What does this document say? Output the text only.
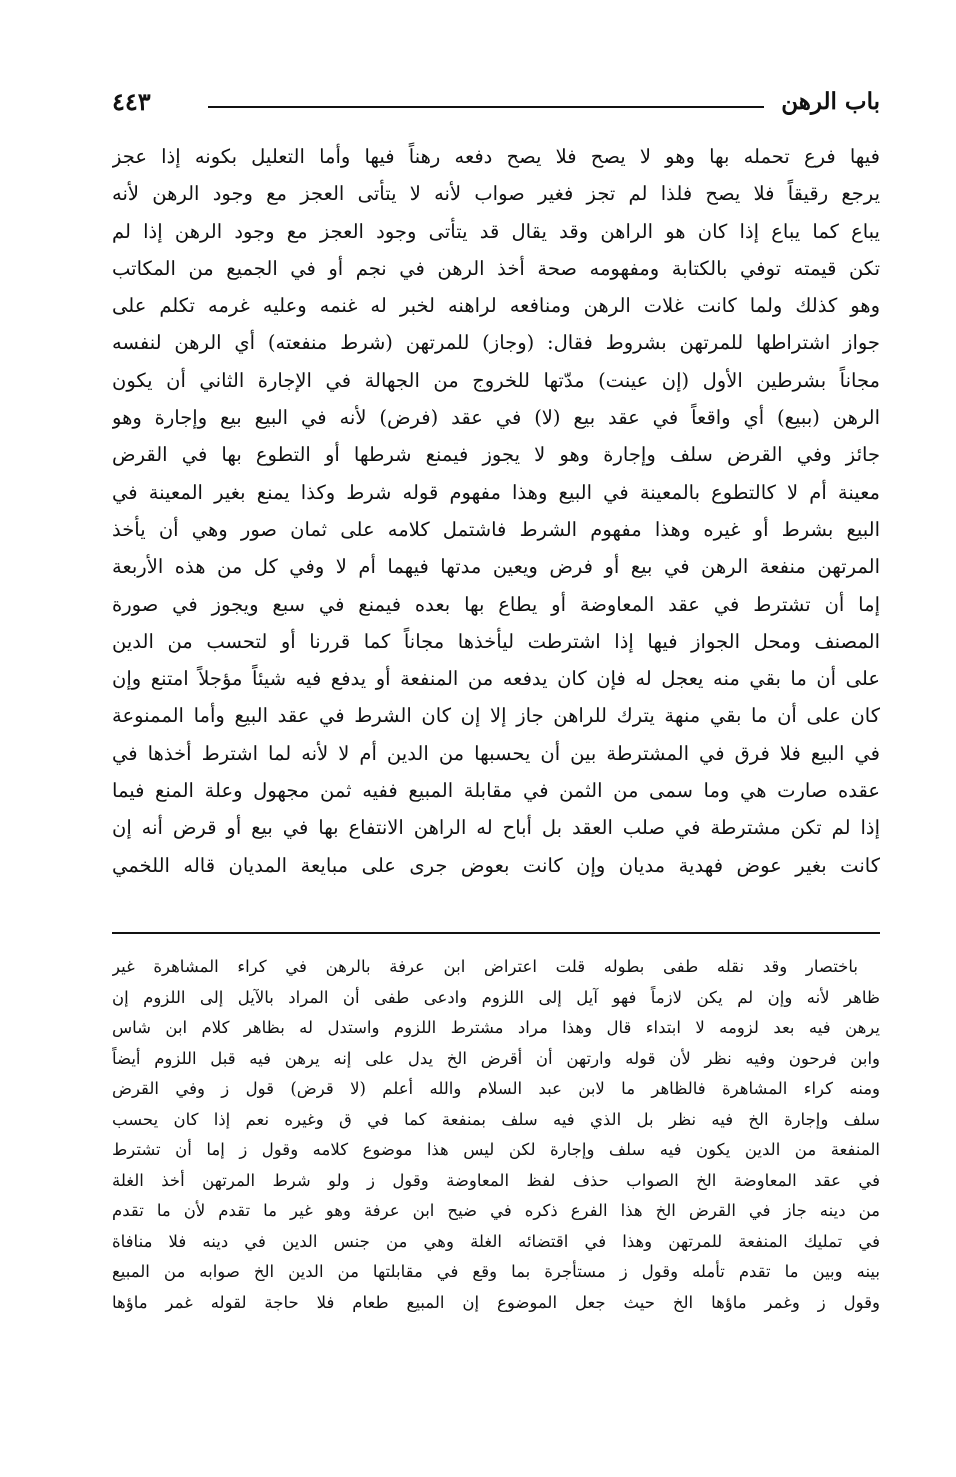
باب الرهن
٤٤٣
فيها فرع تحمله بها وهو لا يصح فلا يصح دفعه رهناً فيها وأما التعليل بكونه إذا عجز
يرجع رقيقاً فلا يصح فلذا لم تجز فغير صواب لأنه لا يتأتى العجز مع وجود الرهن لأنه
يباع كما يباع إذا كان هو الراهن وقد يقال قد يتأتى وجود العجز مع وجود الرهن إذا لم
تكن قيمته توفي بالكتابة ومفهومه صحة أخذ الرهن في نجم أو في الجميع من المكاتب
وهو كذلك ولما كانت غلات الرهن ومنافعه لراهنه لخبر له غنمه وعليه غرمه تكلم على
جواز اشتراطها للمرتهن بشروط فقال: (وجاز) للمرتهن (شرط منفعته) أي الرهن لنفسه
مجاناً بشرطين الأول (إن عينت) مدّتها للخروج من الجهالة في الإجارة الثاني أن يكون
الرهن (ببيع) أي واقعاً في عقد بيع (لا) في عقد (فرض) لأنه في البيع بيع وإجارة وهو
جائز وفي القرض سلف وإجارة وهو لا يجوز فيمنع شرطها أو التطوع بها في القرض
معينة أم لا كالتطوع بالمعينة في البيع وهذا مفهوم قوله شرط وكذا يمنع بغير المعينة في
البيع بشرط أو غيره وهذا مفهوم الشرط فاشتمل كلامه على ثمان صور وهي أن يأخذ
المرتهن منفعة الرهن في بيع أو فرض ويعين مدتها فيهما أم لا وفي كل من هذه الأربعة
إما أن تشترط في عقد المعاوضة أو يطاع بها بعده فيمنع في سبع ويجوز في صورة
المصنف ومحل الجواز فيها إذا اشترطت ليأخذها مجاناً كما قررنا أو لتحسب من الدين
على أن ما بقي منه يعجل له فإن كان يدفعه من المنفعة أو يدفع فيه شيئاً مؤجلاً امتنع وإن
كان على أن ما بقي منهة يترك للراهن جاز إلا إن كان الشرط في عقد البيع وأما الممنوعة
في البيع فلا فرق في المشترطة بين أن يحسبها من الدين أم لا لأنه لما اشترط أخذها في
عقده صارت هي وما سمى من الثمن في مقابلة المبيع ففيه ثمن مجهول وعلة المنع فيما
إذا لم تكن مشترطة في صلب العقد بل أباح له الراهن الانتفاع بها في بيع أو قرض أنه إن
كانت بغير عوض فهدية مديان وإن كانت بعوض جرى على مبايعة المديان قاله اللخمي
باختصار وقد نقله طفى بطوله قلت اعتراض ابن عرفة بالرهن في كراء المشاهرة غير
ظاهر لأنه وإن لم يكن لازماً فهو آيل إلى اللزوم وادعى طفى أن المراد بالآيل إلى اللزوم إن
يرهن فيه بعد لزومه لا ابتداء قال وهذا مراد مشترط اللزوم واستدل له بظاهر كلام ابن شاس
وابن فرحون وفيه نظر لأن قوله وارتهن أن أقرض الخ يدل على إنه يرهن فيه قبل اللزوم أيضاً
ومنه كراء المشاهرة فالظاهر ما لابن عبد السلام والله أعلم (لا قرض) قول ز وفي القرض
سلف وإجارة الخ فيه نظر بل الذي فيه سلف بمنفعة كما في ق وغيره نعم إذا كان يحسب
المنفعة من الدين يكون فيه سلف وإجارة لكن ليس هذا موضوع كلامه وقول ز إما أن تشترط
في عقد المعاوضة الخ الصواب حذف لفظ المعاوضة وقول ز ولو شرط المرتهن أخذ الغلة
من دينه جاز في القرض الخ هذا الفرع ذكره في ضيح ابن عرفة وهو غير ما تقدم لأن ما تقدم
في تمليك المنفعة للمرتهن وهذا في اقتضائه الغلة وهي من جنس الدين في دينه فلا منافاة
بينه وبين ما تقدم تأمله وقول ز مستأجرة بما وقع في مقابلتها من الدين الخ صوابه من المبيع
وقول ز وغمر ماؤها الخ حيث جعل الموضوع إن المبيع طعام فلا حاجة لقوله غمر ماؤها
